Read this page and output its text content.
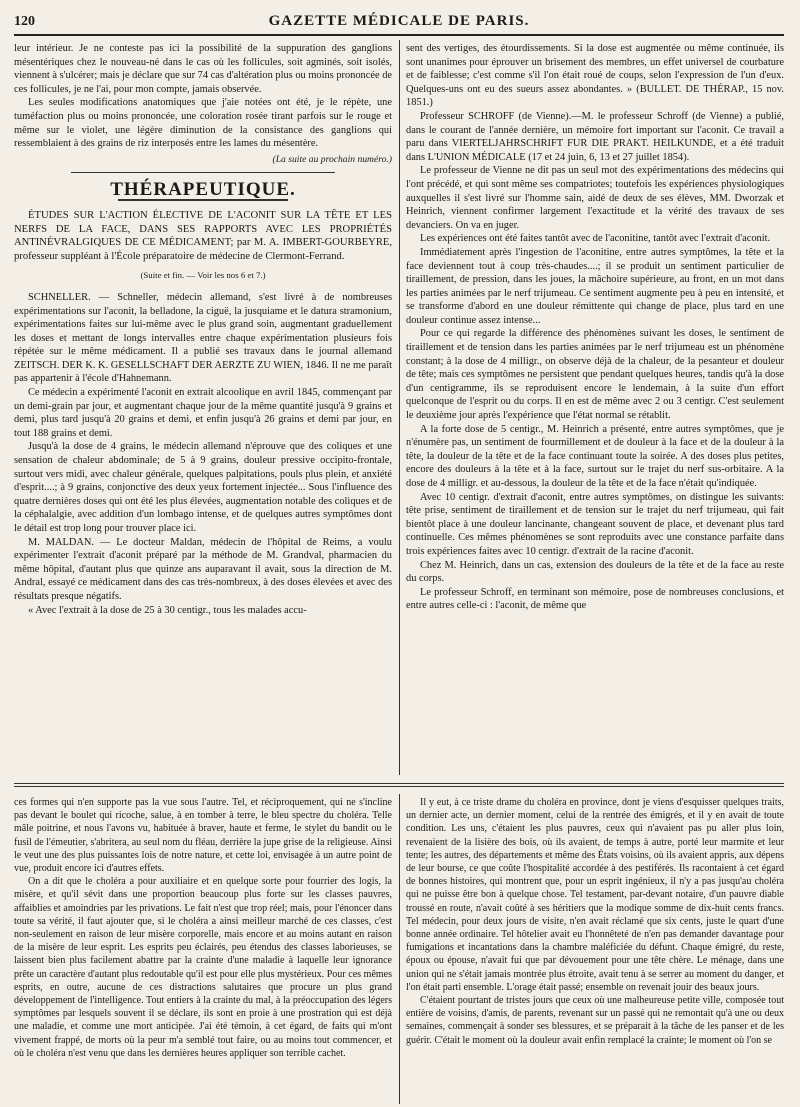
120	GAZETTE MÉDICALE DE PARIS.

leur intérieur. Je ne conteste pas ici la possibilité de la suppuration des ganglions mésentériques chez le nouveau-né dans le cas où les follicules, soit agminés, soit isolés, viennent à s'ulcérer; mais je déclare que sur 74 cas d'altération plus ou moins prononcée de ces follicules, je ne l'ai, pour mon compte, jamais observée.

Les seules modifications anatomiques que j'aie notées ont été, je le répète, une tuméfaction plus ou moins prononcée, une coloration rosée tirant parfois sur le rouge et même sur le violet, une légère diminution de la consistance des ganglions qui ressemblaient à des grains de riz interposés entre les lames du mésentère.

(La suite au prochain numéro.)
THÉRAPEUTIQUE.

ÉTUDES SUR L'ACTION ÉLECTIVE DE L'ACONIT SUR LA TÊTE ET LES NERFS DE LA FACE, DANS SES RAPPORTS AVEC LES PROPRIÉTÉS ANTINÉVRALGIQUES DE CE MÉDICAMENT; par M. A. IMBERT-GOURBEYRE, professeur suppléant à l'École préparatoire de médecine de Clermont-Ferrand.

(Suite et fin. — Voir les nos 6 et 7.)

SCHNELLER. — Schneller, médecin allemand, s'est livré à de nombreuses expérimentations sur l'aconit, la belladone, la ciguë, la jusquiame et le datura stramonium, expérimentations faites sur lui-même avec le plus grand soin, augmentant graduellement les doses et mettant de longs intervalles entre chaque expérimentation plusieurs fois répétée sur le même médicament. Il a publié ses travaux dans le journal allemand ZEITSCH. DER K. K. GESELLSCHAFT DER AERZTE ZU WIEN, 1846. Il ne me paraît pas appartenir à l'école d'Hahnemann.

Ce médecin a expérimenté l'aconit en extrait alcoolique en avril 1845, commençant par un demi-grain par jour, et augmentant chaque jour de la même quantité jusqu'à 9 grains et demi, plus tard jusqu'à 20 grains et demi, et enfin jusqu'à 26 grains et demi par jour, en tout 188 grains et demi.

Jusqu'à la dose de 4 grains, le médecin allemand n'éprouve que des coliques et une sensation de chaleur abdominale; de 5 à 9 grains, douleur pressive occipito-frontale, surtout vers midi, avec chaleur générale, quelques palpitations, pouls plus plein, et anxiété d'esprit....; à 9 grains, conjonctive des deux yeux fortement injectée... Sous l'influence des quatre dernières doses qui ont été les plus élevées, augmentation notable des coliques et de la céphalalgie, avec addition d'un lombago intense, et de quelques autres symptômes dont le détail est trop long pour trouver place ici.

M. MALDAN. — Le docteur Maldan, médecin de l'hôpital de Reims, a voulu expérimenter l'extrait d'aconit préparé par la méthode de M. Grandval, pharmacien du même hôpital, d'autant plus que quinze ans auparavant il avait, sous la direction de M. Andral, essayé ce médicament dans des cas très-nombreux, à des doses élevées et avec des résultats presque négatifs.

« Avec l'extrait à la dose de 25 à 30 centigr., tous les malades accu-

sent des vertiges, des étourdissements. Si la dose est augmentée ou même continuée, ils sont unanimes pour éprouver un brisement des membres, un effet universel de courbature et de faiblesse; c'est comme s'il l'on était roué de coups, selon l'expression de l'un d'eux. Quelques-uns ont eu des sueurs assez abondantes. » (BULLET. DE THÉRAP., 15 nov. 1851.)

Professeur SCHROFF (de Vienne).—M. le professeur Schroff (de Vienne) a publié, dans le courant de l'année dernière, un mémoire fort important sur l'aconit. Ce travail a paru dans VIERTELJAHRSCHRIFT FUR DIE PRAKT. HEILKUNDE, et a été traduit dans L'UNION MÉDICALE (17 et 24 juin, 6, 13 et 27 juillet 1854).

Le professeur de Vienne ne dit pas un seul mot des expérimentations des médecins qui l'ont précédé, et qui sont même ses compatriotes; toutefois les expériences physiologiques auxquelles il s'est livré sur l'homme sain, aidé de deux de ses élèves, MM. Dworzak et Heinrich, viennent confirmer largement l'exactitude et la vérité des travaux de ses devanciers. On va en juger.

Les expériences ont été faites tantôt avec de l'aconitine, tantôt avec l'extrait d'aconit.

Immédiatement après l'ingestion de l'aconitine, entre autres symptômes, la tête et la face deviennent tout à coup très-chaudes....; il se produit un sentiment particulier de tiraillement, de pression, dans les joues, la mâchoire supérieure, au front, en un mot dans les parties animées par le nerf trijumeau. Ce sentiment augmente peu à peu en intensité, et se transforme d'abord en une douleur rémittente qui change de place, plus tard en une douleur continue assez intense...

Pour ce qui regarde la différence des phénomènes suivant les doses, le sentiment de tiraillement et de tension dans les parties animées par le nerf trijumeau est un phénomène constant; à la dose de 4 milligr., on observe déjà de la chaleur, de la pesanteur et douleur de tête; mais ces symptômes ne persistent que pendant quelques heures, tandis qu'à la dose d'un centigramme, ils se reproduisent encore le lendemain, à la suite d'un effort quelconque de l'esprit ou du corps. Il en est de même avec 2 ou 3 centigr. C'est seulement le deuxième jour après l'expérience que l'état normal se rétablit.

A la forte dose de 5 centigr., M. Heinrich a présenté, entre autres symptômes, que je n'énumère pas, un sentiment de fourmillement et de douleur à la face et de la douleur à la tête, la douleur de la tête et de la face continuant toute la soirée. A des doses plus petites, encore des douleurs à la tête et à la face, surtout sur le trajet du nerf sus-orbitaire. A la dose de 4 milligr. et au-dessous, la douleur de la tête et de la face n'était qu'indiquée.

Avec 10 centigr. d'extrait d'aconit, entre autres symptômes, on distingue les suivants: tête prise, sentiment de tiraillement et de tension sur le trajet du nerf trijumeau, qui fait bientôt place à une douleur lancinante, changeant souvent de place, et devenant plus tard continuelle. Ces mêmes phénomènes se sont reproduits avec une constance parfaite dans trois expériences faites avec 10 centigr. d'extrait de la racine d'aconit.

Chez M. Heinrich, dans un cas, extension des douleurs de la tête et de la face au reste du corps.

Le professeur Schroff, en terminant son mémoire, pose de nombreuses conclusions, et entre autres celle-ci : l'aconit, de même que

ces formes qui n'en supporte pas la vue sous l'autre. Tel, et réciproquement, qui ne s'incline pas devant le boulet qui ricoche, salue, à en tomber à terre, le bleu spectre du choléra. Telle mâle poitrine, et nous l'avons vu, habituée à braver, haute et ferme, le stylet du bandit ou le fusil de l'émeutier, s'abritera, au seul nom du fléau, derrière la jupe grise de la religieuse. Ainsi le veut une des plus puissantes lois de notre nature, et cette loi, envisagée à un autre point de vue, produit encore ici d'autres effets.

On a dit que le choléra a pour auxiliaire et en quelque sorte pour fourrier des logis, la misère, et qu'il sévit dans une proportion beaucoup plus forte sur les classes pauvres, affaiblies et amoindries par les privations. Le fait n'est que trop réel; mais, pour l'énoncer dans toute sa vérité, il faut ajouter que, si le choléra a ainsi meilleur marché de ces classes, c'est non-seulement en raison de leur misère corporelle, mais encore et au moins autant en raison de la misère de leur esprit. Les esprits peu éclairés, peu étendus des classes laborieuses, se laissent bien plus facilement abattre par la crainte d'une maladie à laquelle leur ignorance prête un caractère d'autant plus redoutable qu'il est pour elle plus mystérieux. Pour ces mêmes esprits, en outre, aucune de ces distractions salutaires que procure un plus grand développement de l'intelligence. Tout entiers à la crainte du mal, à la préoccupation des légers symptômes par lesquels souvent il se déclare, ils sont en proie à une prostration qui est déjà une maladie, et comme une mort anticipée. J'ai été témoin, à cet égard, de faits qui m'ont vivement frappé, de morts où la peur m'a semblé tout faire, ou au moins tout commencer, et où le choléra n'est venu que dans les dernières heures appliquer son terrible cachet.

Il y eut, à ce triste drame du choléra en province, dont je viens d'esquisser quelques traits, un dernier acte, un dernier moment, celui de la rentrée des émigrés, et il y en avait de toute condition. Les uns, c'étaient les plus pauvres, ceux qui n'avaient pas pu aller plus loin, revenaient de la lisière des bois, où ils avaient, de temps à autre, porté leur marmite et leur tente; les autres, des départements et même des États voisins, où ils avaient appris, aux dépens de leur bourse, ce que coûte l'hospitalité accordée à des pestiférés. Ils racontaient à cet égard de bonnes histoires, qui montrent que, pour un esprit ingénieux, il n'y a pas jusqu'au choléra qui ne puisse être bon à quelque chose. Tel testament, par-devant notaire, d'un pauvre diable troussé en route, n'avait coûté à ses héritiers que la modique somme de dix-huit cents francs. Tel médecin, pour deux jours de visite, n'en avait réclamé que six cents, juste le quart d'une bonne année ordinaire. Tel hôtelier avait eu l'honnêteté de n'en pas demander davantage pour fumigations et incantations dans la chambre maléficiée du défunt. Chaque émigré, du reste, époux ou épouse, n'avait fui que par dévouement pour une tête chère. Le ménage, dans une union qui ne s'était jamais montrée plus étroite, avait tenu à se serrer au moment du danger, et l'on était parti ensemble. L'orage était passé; ensemble on revenait jouir des beaux jours.

C'étaient pourtant de tristes jours que ceux où une malheureuse petite ville, composée tout entière de voisins, d'amis, de parents, revenant sur un passé qui ne remontait qu'à une ou deux semaines, commençait à sonder ses blessures, et se préparait à la tâche de les panser et de les guérir. C'était le moment où la douleur avait enfin remplacé la crainte; le moment où l'on se
